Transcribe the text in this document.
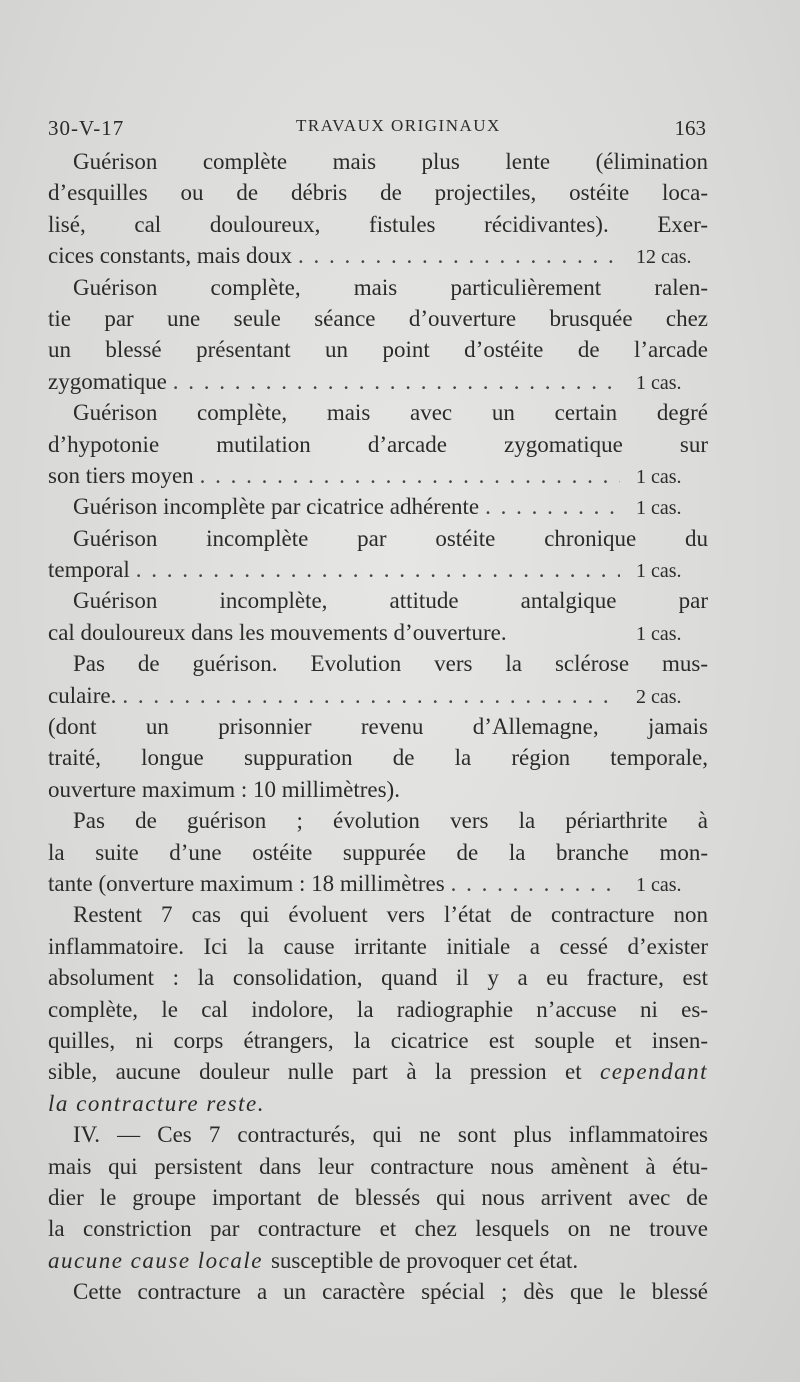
30-V-17	TRAVAUX ORIGINAUX	163
Guérison complète mais plus lente (élimination
d’esquilles ou de débris de projectiles, ostéite loca-
lisé, cal douloureux, fistules récidivantes). Exer-
cices constants, mais doux . . .	12 cas.
Guérison complète, mais particulièrement ralen-
tie par une seule séance d’ouverture brusquée chez
un blessé présentant un point d’ostéite de l’arcade
zygomatique . . .	1 cas.
Guérison complète, mais avec un certain degré
d’hypotonie mutilation d’arcade zygomatique sur
son tiers moyen . . .	1 cas.
Guérison incomplète par cicatrice adhérente . . .	1 cas.
Guérison incomplète par ostéite chronique du
temporal . . .	1 cas.
Guérison incomplète, attitude antalgique par
cal douloureux dans les mouvements d’ouverture.	1 cas.
Pas de guérison. Evolution vers la sclérose mus-
culaire. . . .	2 cas.
(dont un prisonnier revenu d’Allemagne, jamais
traité, longue suppuration de la région temporale,
ouverture maximum : 10 millimètres).
Pas de guérison ; évolution vers la périarthrite à
la suite d’une ostéite suppurée de la branche mon-
tante (onverture maximum : 18 millimètres . . .	1 cas.
Restent 7 cas qui évoluent vers l’état de contracture non
inflammatoire. Ici la cause irritante initiale a cessé d’exister
absolument : la consolidation, quand il y a eu fracture, est
complète, le cal indolore, la radiographie n’accuse ni es-
quilles, ni corps étrangers, la cicatrice est souple et insen-
sible, aucune douleur nulle part à la pression et cependant
la contracture reste.
IV. — Ces 7 contracturés, qui ne sont plus inflammatoires
mais qui persistent dans leur contracture nous amènent à étu-
dier le groupe important de blessés qui nous arrivent avec de
la constriction par contracture et chez lesquels on ne trouve
aucune cause locale susceptible de provoquer cet état.
Cette contracture a un caractère spécial ; dès que le blessé
